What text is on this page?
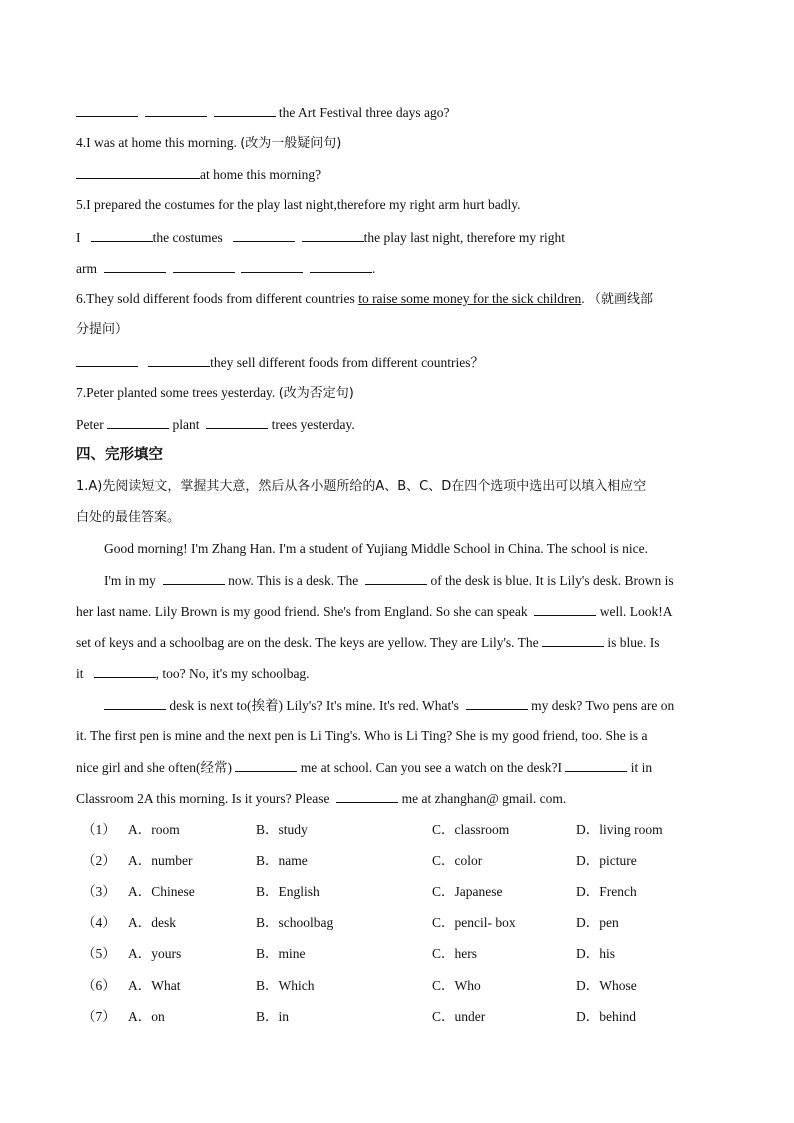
the Art Festival three days ago?
4.I was at home this morning. (改为一般疑问句)
at home this morning?
5.I prepared the costumes for the play last night,therefore my right arm hurt badly.
I	the costumes	the play last night, therefore my right
arm	.
6.They sold different foods from different countries to raise some money for the sick children. （就画线部
分提问）
they sell different foods from different countries？
7.Peter planted some trees yesterday. (改为否定句)
Peter	plant	trees yesterday.
四、完形填空
1.A)先阅读短文，掌握其大意，然后从各小题所给的A、B、C、D在四个选项中选出可以填入相应空
白处的最佳答案。
Good morning! I'm Zhang Han. I'm a student of Yujiang Middle School in China. The school is nice.
I'm in my	now. This is a desk. The	of the desk is blue. It is Lily's desk. Brown is
her last name. Lily Brown is my good friend. She's from England. So she can speak	well. Look!A
set of keys and a schoolbag are on the desk. The keys are yellow. They are Lily's. The	is blue. Is
it	, too? No, it's my schoolbag.
desk is next to(挨着) Lily's? It's mine. It's red. What's	my desk? Two pens are on
it. The first pen is mine and the next pen is Li Ting's. Who is Li Ting? She is my good friend, too. She is a
nice girl and she often(经常)	me at school. Can you see a watch on the desk?I	it in
Classroom 2A this morning. Is it yours? Please	me at zhanghan@ gmail. com.
（1） A．room	B．study	C．classroom	D．living room
（2） A．number	B．name	C．color	D．picture
（3） A．Chinese	B．English	C．Japanese	D．French
（4） A．desk	B．schoolbag	C．pencil- box	D．pen
（5） A．yours	B．mine	C．hers	D．his
（6） A．What	B．Which	C．Who	D．Whose
（7） A．on	B．in	C．under	D．behind
